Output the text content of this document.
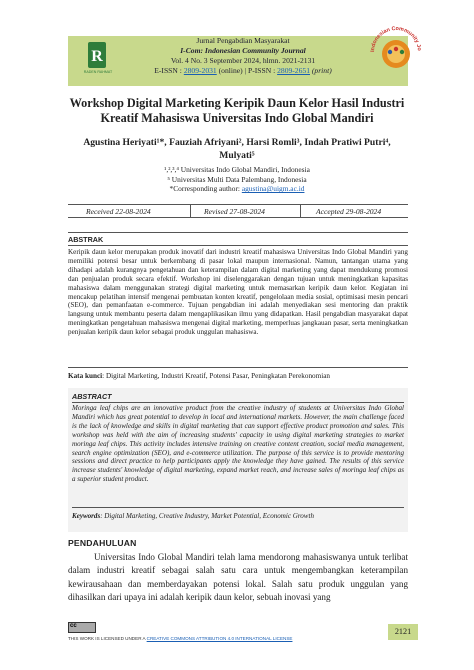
R
RADEN RAHMAT
Jurnal Pengabdian Masyarakat
I-Com: Indonesian Community Journal
Vol. 4 No. 3 September 2024, hlmn. 2021-2131
E-ISSN : 2809-2031 (online) | P-ISSN : 2809-2651 (print)
Indonesian Community Jo
Workshop Digital Marketing Keripik Daun Kelor Hasil Industri
Kreatif Mahasiswa Universitas Indo Global Mandiri
Agustina Heriyati¹*, Fauziah Afriyani², Harsi Romli³, Indah Pratiwi Putri⁴,
Mulyati⁵
¹,²,³,⁴ Universitas Indo Global Mandiri, Indonesia
⁵ Universitas Multi Data Palembang, Indonesia
*Corresponding author: agustina@uigm.ac.id
Received 22-08-2024	Revised 27-08-2024	Accepted 29-08-2024
ABSTRAK
Keripik daun kelor merupakan produk inovatif dari industri kreatif mahasiswa Universitas Indo Global Mandiri yang memiliki potensi besar untuk berkembang di pasar lokal maupun internasional. Namun, tantangan utama yang dihadapi adalah kurangnya pengetahuan dan keterampilan dalam digital marketing yang dapat mendukung promosi dan penjualan produk secara efektif. Workshop ini diselenggarakan dengan tujuan untuk meningkatkan kapasitas mahasiswa dalam menggunakan strategi digital marketing untuk memasarkan keripik daun kelor. Kegiatan ini mencakup pelatihan intensif mengenai pembuatan konten kreatif, pengelolaan media sosial, optimisasi mesin pencari (SEO), dan pemanfaatan e-commerce. Tujuan pengabdian ini adalah menyediakan sesi mentoring dan praktik langsung untuk membantu peserta dalam mengaplikasikan ilmu yang didapatkan. Hasil pengabdian masyarakat dapat meningkatkan pengetahuan mahasiswa mengenai digital marketing, memperluas jangkauan pasar, serta meningkatkan penjualan keripik daun kelor sebagai produk unggulan mahasiswa.
Kata kunci: Digital Marketing, Industri Kreatif, Potensi Pasar, Peningkatan Perekonomian
ABSTRACT
Moringa leaf chips are an innovative product from the creative industry of students at Universitas Indo Global Mandiri which has great potential to develop in local and international markets. However, the main challenge faced is the lack of knowledge and skills in digital marketing that can support effective product promotion and sales. This workshop was held with the aim of increasing students' capacity in using digital marketing strategies to market moringa leaf chips. This activity includes intensive training on creative content creation, social media management, search engine optimization (SEO), and e-commerce utilization. The purpose of this service is to provide mentoring sessions and direct practice to help participants apply the knowledge they have gained. The results of this service increase students' knowledge of digital marketing, expand market reach, and increase sales of moringa leaf chips as a superior student product.
Keywords: Digital Marketing, Creative Industry, Market Potential, Economic Growth
PENDAHULUAN
Universitas Indo Global Mandiri telah lama mendorong mahasiswanya untuk terlibat dalam industri kreatif sebagai salah satu cara untuk mengembangkan keterampilan kewirausahaan dan memberdayakan potensi lokal. Salah satu produk unggulan yang dihasilkan dari upaya ini adalah keripik daun kelor, sebuah inovasi yang
cc
THIS WORK IS LICENSED UNDER A CREATIVE COMMONS ATTRIBUTION 4.0 INTERNATIONAL LICENSE
2121
